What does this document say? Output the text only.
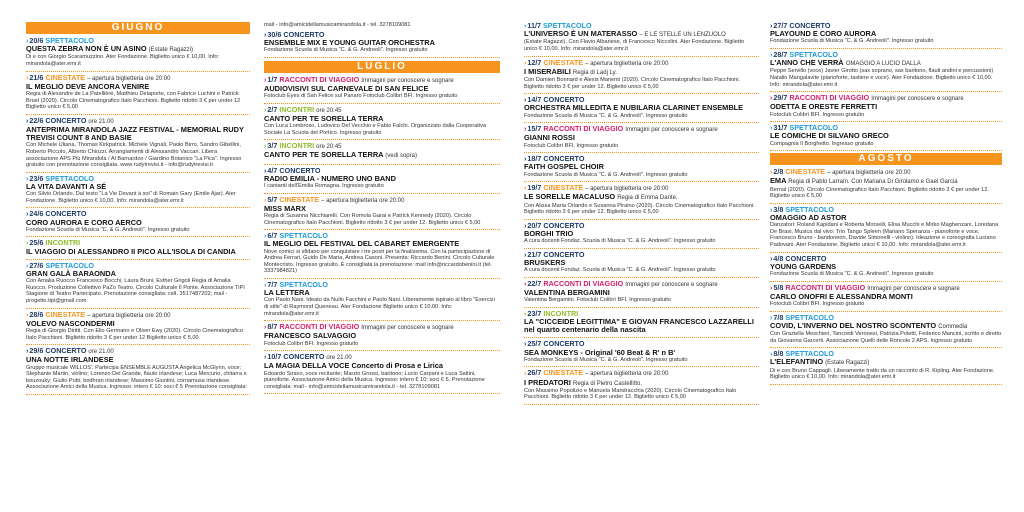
GIUGNO
›20/6 SPETTACOLO
QUESTA ZEBRA NON È UN ASINO (Estate Ragazzi)
Di e con Giorgio Scaramuzzino. Ater Fondazione. Biglietto unico € 10,00. Info: mirandola@ater.emr.it
›21/6 CINESTATE – apertura biglietteria ore 20:00
IL MEGLIO DEVE ANCORA VENIRE
Regia di Alexandre de La Patellière, Matthieu Delaporte, con Fabrice Luchini e Patrick Bruel (2020). Circolo Cinematografico Italo Pacchioni. Biglietto ridotto 3 € per under 12 Biglietto unico € 5,00
›22/6 CONCERTO ore 21.00
ANTEPRIMA MIRANDOLA JAZZ FESTIVAL - MEMORIAL RUDY TREVISI COUNT 8 AND BASIE
Con Michele Uliana, Thomas Kirkpatrick, Michele Vignali, Paolo Birro, Sandro Gibellini, Roberto Piccolo, Alberto Chiozzi. Arrangiamenti di Alessandro Vaccari. Libera associazione APS Più Mirandola / Al Barnardon / Giardino Botanico "La Pica". Ingresso gratuito con prenotazione consigliata. www.rudytrevisi.it - info@rudytrevisi.it
›23/6 SPETTACOLO
LA VITA DAVANTI A SÉ
Con Silvio Orlando. Dal testo "La Vie Devant à soi" di Romain Gary (Emile Ajar). Ater Fondazione. Biglietto unico € 10,00. Info: mirandola@ater.emr.it
›24/6 CONCERTO
CORO AURORA E CORO AERCO
Fondazione Scuola di Musica "C. & G. Andreoli". Ingresso gratuito
›25/6 INCONTRI
IL VIAGGIO DI ALESSANDRO II PICO ALL'ISOLA DI CANDIA
›27/6 SPETTACOLO
GRAN GALÀ BARAONDA
Con Amalia Ruocco Francesco Bocchi, Laura Bruni, Esther Grigoli Regia di Amalia Ruocco. Produzione Collettivo PaZo Teatro. Circolo Culturale Il Ponte. Associazione TiPì Stagione di Teatro Partecipato. Prenotazione consigliata: cell. 3517487202; mail - progetto.tipi@gmail.com
›28/6 CINESTATE – apertura biglietteria ore 20:00
VOLEVO NASCONDERMI
Regia di Giorgio Diritti. Con Elio Germano e Oliver Ewy (2020). Circolo Cinematografico Italo Pacchioni. Biglietto ridotto 3 € per under 12 Biglietto unico € 5,00
›29/6 CONCERTO ore 21.00
UNA NOTTE IRLANDESE
Gruppo musicale WILLOS'. Partecipa ENSEMBLE AUGUSTA Angelica McGlynn, voce; Stephanie Martin, violino; Lorenzo Del Grande, flauto irlandese; Luca Mercurio, chitarra e bouzouky; Giulio Putti, bodhran irlandese; Massimo Giuntini, cornamusa irlandese. Associazione Amici della Musica. Ingresso: intero € 10; soci € 5 Prenotazione consigliata:
mail - info@amicidellamusicamirandola.it - tel. 3278109081
›30/6 CONCERTO
ENSEMBLE MIX E YOUNG GUITAR ORCHESTRA
Fondazione Scuola di Musica "C. & G. Andreoli". Ingresso gratuito
LUGLIO
›1/7 RACCONTI DI VIAGGIO Immagini per conoscere e sognare
AUDIOVISIVI SUL CARNEVALE DI SAN FELICE
Fotoclub Eyes di San Felice sul Panaro Fotoclub Colibrì BFI. Ingresso gratuito
›2/7 INCONTRI ore 20:45
CANTO PER TE SORELLA TERRA
Con Luca Lombroso, Ludovico Del Vecchio e Fabio Falchi. Organizzato dalla Cooperativa Sociale La Scuola del Portico. Ingresso gratuito
›3/7 INCONTRI ore 20:45
CANTO PER TE SORELLA TERRA (vedi sopra)
›4/7 CONCERTO
RADIO EMILIA - NUMERO UNO BAND
I cantanti dell'Emilia Romagna. Ingresso gratuito
›5/7 CINESTATE – apertura biglietteria ore 20:00
MISS MARX
Regia di Susanna Nicchiarelli. Con Romola Garai e Patrick Kennedy (2020). Circolo Cinematografico Italo Pacchioni. Biglietto ridotto 3 € per under 12. Biglietto unico € 5,00
›6/7 SPETTACOLO
IL MEGLIO DEL FESTIVAL DEL CABARET EMERGENTE
Nove comici si sfidano per conquistare i tre posti per la finalissima. Con la partecipazione di Andrea Ferrari, Guido De Maria, Andrea Casoni. Presenta: Riccardo Benini. Circolo Culturale Montecristo. Ingresso gratuito. È consigliata la prenotazione: mail info@riccardobenini.it (tel. 3337984821)
›7/7 SPETTACOLO
LA LETTERA
Con Paolo Nani. Ideato da Nullo Facchini e Paolo Nani. Liberamente ispirato al libro "Esercizi di stile" di Raymond Queneau. Ater Fondazione Biglietto unico € 10,00. Info: mirandola@ater.emr.it
›8/7 RACCONTI DI VIAGGIO Immagini per conoscere e sognare
FRANCESCO SALVAGGIO
Fotoclub Colibrì BFI. Ingresso gratuito
›10/7 CONCERTO ore 21.00
LA MAGIA DELLA VOCE Concerto di Prosa e Lirica
Edoardo Siravo, voce recitante; Marzio Grossi, baritono; Lucio Carpani e Luca Saltini, pianoforte. Associazione Amici della Musica. Ingresso: intero € 10; soci € 5. Prenotazione consigliata: mail - info@amicidellamusicamirandola.it - tel. 3278109081
›11/7 SPETTACOLO
L'UNIVERSO È UN MATERASSO – E LE STELLE UN LENZUOLO
(Estate Ragazzi). Con Flavio Albanese, di Francesco Niccolini. Ater Fondazione. Biglietto unico € 10,00. Info: mirandola@ater.emr.it
›12/7 CINESTATE – apertura biglietteria ore 20:00
I MISERABILI Regia di Ladj Ly.
Con Damien Bonnard e Alexis Manenti (2020). Circolo Cinematografico Italo Pacchioni. Biglietto ridotto 3 € per under 12. Biglietto unico € 5,00
›14/7 CONCERTO
ORCHESTRA MILLEDITA E NUBILARIA CLARINET ENSEMBLE
Fondazione Scuola di Musica "C. & G. Andreoli". Ingresso gratuito
›15/7 RACCONTI DI VIAGGIO Immagini per conoscere e sognare
GIANNI ROSSI
Fotoclub Colibrì BFI. Ingresso gratuito
›18/7 CONCERTO
FAITH GOSPEL CHOIR
Fondazione Scuola di Musica "C. & G. Andreoli". Ingresso gratuito
›19/7 CINESTATE – apertura biglietteria ore 20:00
LE SORELLE MACALUSO Regia di Emma Dante.
Con Alissa Maria Orlando e Susanna Piraino (2020). Circolo Cinematografico Italo Pacchioni. Biglietto ridotto 3 € per under 12. Biglietto unico € 5,00
›20/7 CONCERTO
BORGHI TRIO
A cura docenti Fondaz. Scuola di Musica "C. & G. Andreoli". Ingresso gratuito
›21/7 CONCERTO
BRUSKERS
A cura docenti Fondaz. Scuola di Musica "C. & G. Andreoli". Ingresso gratuito
›22/7 RACCONTI DI VIAGGIO Immagini per conoscere e sognare
VALENTINA BERGAMINI
Valentina Bergamini. Fotoclub Colibrì BFI. Ingresso gratuito
›23/7 INCONTRI
LA "CICCEIDE LEGITTIMA" E GIOVAN FRANCESCO LAZZARELLI nel quarto centenario della nascita
›25/7 CONCERTO
SEA MONKEYS - Original '60 Beat & R' n B'
Fondazione Scuola di Musica "C. & G. Andreoli". Ingresso gratuito
›26/7 CINESTATE – apertura biglietteria ore 20:00
I PREDATORI Regia di Pietro Castellitto.
Con Massimo Popolizio e Manuela Mandracchia (2020). Circolo Cinematografico Italo Pacchioni. Biglietto ridotto 3 € per under 12. Biglietto unico € 5,00
›27/7 CONCERTO
PLAYOUND E CORO AURORA
Fondazione Scuola di Musica "C. & G. Andreoli". Ingresso gratuito
›28/7 SPETTACOLO
L'ANNO CHE VERRÀ OMAGGIO A LUCIO DALLA
Peppe Servillo (voce) Javier Girotto (sax soprano, sax baritono, flauti andini e percussioni) Natalio Mangalavite (pianoforte, tastiere e voce). Ater Fondazione. Biglietto unico € 10,00. Info: mirandola@ater.emr.it
›29/7 RACCONTI DI VIAGGIO Immagini per conoscere e sognare
ODETTA E ORESTE FERRETTI
Fotoclub Colibrì BFI. Ingresso gratuito
›31/7 SPETTACOLO
LE COMICHE DI SILVANO GRECO
Compagnia Il Borghetto. Ingresso gratuito
AGOSTO
›2/8 CINESTATE – apertura biglietteria ore 20:00
EMA Regia di Pablo Larraín. Con Mariana Di Girolamo e Gael Garcia
Bernal (2020). Circolo Cinematografico Italo Pacchioni. Biglietto ridotto 3 € per under 12. Biglietto unico € 5,00
›3/8 SPETTACOLO
OMAGGIO AD ASTOR
Danzatori: Roland Kapidani e Roberta Morselli, Elisa Mucchi e Mirko Maghenzani, Loredana De Brasi. Musica dal vivo: Trio Tango Spleen (Mariano Speranza - pianoforte e voce, Francesco Bruno - bandoneon, Davide Simonelli - violino). Ideazione e coreografia Luciano Padovani. Ater Fondazione. Biglietto unico € 10,00. Info: mirandola@ater.emr.it
›4/8 CONCERTO
YOUNG GARDENS
Fondazione Scuola di Musica "C. & G. Andreoli". Ingresso gratuito
›5/8 RACCONTI DI VIAGGIO Immagini per conoscere e sognare
CARLO ONOFRI E ALESSANDRA MONTI
Fotoclub Colibrì BFI. Ingresso gratuito
›7/8 SPETTACOLO
COVID, L'INVERNO DEL NOSTRO SCONTENTO Commedia
Con Graziella Meschieri, Tancredi Veronesi, Patrizia Poletti, Federico Mancini, scritto e diretto da Giovanna Garcerti. Associazione Quelli delle Roncole 2 APS. Ingresso gratuito
›8/8 SPETTACOLO
L'ELEFANTINO (Estate Ragazzi)
Di e con Bruno Cappagli. Liberamente tratto da un racconto di R. Kipling. Ater Fondazione. Biglietto unico € 10,00. Info: mirandola@ater.emr.it
